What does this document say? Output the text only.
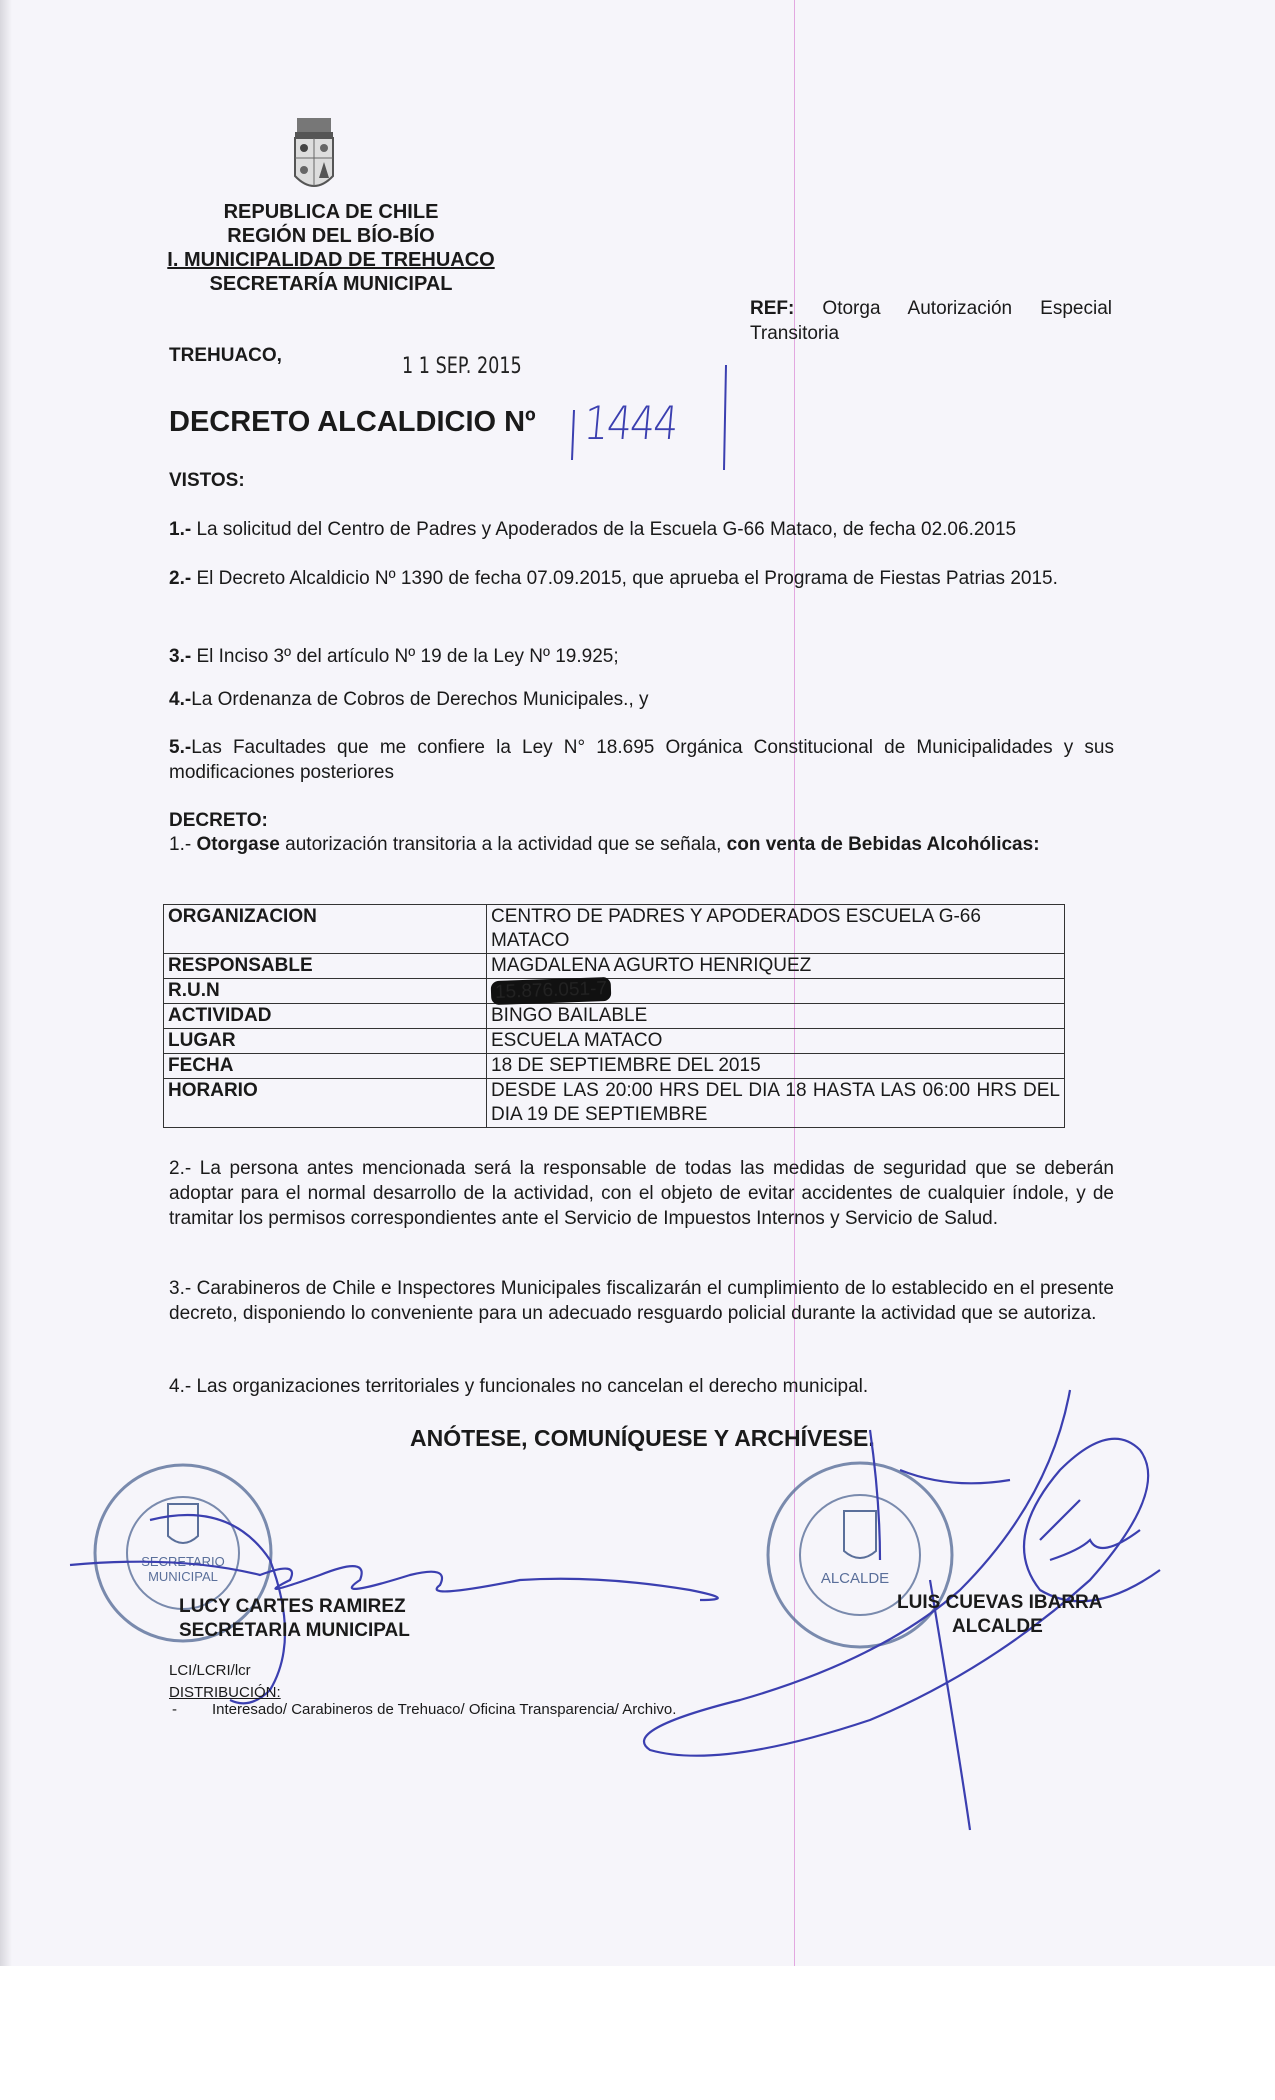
REPUBLICA DE CHILE
REGIÓN DEL BÍO-BÍO
I. MUNICIPALIDAD DE TREHUACO
SECRETARÍA MUNICIPAL
REF: Otorga Autorización Especial Transitoria
TREHUACO,	1 1 SEP. 2015
DECRETO ALCALDICIO Nº 1444
VISTOS:
1.- La solicitud del Centro de Padres y Apoderados de la Escuela G-66 Mataco, de fecha 02.06.2015
2.- El Decreto Alcaldicio Nº 1390 de fecha 07.09.2015, que aprueba el Programa de Fiestas Patrias 2015.
3.- El Inciso 3º del artículo Nº 19 de la Ley Nº 19.925;
4.-La Ordenanza de Cobros de Derechos Municipales., y
5.-Las Facultades que me confiere la Ley N° 18.695 Orgánica Constitucional de Municipalidades y sus modificaciones posteriores
DECRETO:
1.- Otorgase autorización transitoria a la actividad que se señala, con venta de Bebidas Alcohólicas:
ORGANIZACION	CENTRO DE PADRES Y APODERADOS ESCUELA G-66 MATACO
RESPONSABLE	MAGDALENA AGURTO HENRIQUEZ
R.U.N	15.876.051-7
ACTIVIDAD	BINGO BAILABLE
LUGAR	ESCUELA MATACO
FECHA	18 DE SEPTIEMBRE DEL 2015
HORARIO	DESDE LAS 20:00 HRS DEL DIA 18 HASTA LAS 06:00 HRS DEL DIA 19 DE SEPTIEMBRE
2.- La persona antes mencionada será la responsable de todas las medidas de seguridad que se deberán adoptar para el normal desarrollo de la actividad, con el objeto de evitar accidentes de cualquier índole, y de tramitar los permisos correspondientes ante el Servicio de Impuestos Internos y Servicio de Salud.
3.- Carabineros de Chile e Inspectores Municipales fiscalizarán el cumplimiento de lo establecido en el presente decreto, disponiendo lo conveniente para un adecuado resguardo policial durante la actividad que se autoriza.
4.- Las organizaciones territoriales y funcionales no cancelan el derecho municipal.
ANÓTESE, COMUNÍQUESE Y ARCHÍVESE.
SECRETARIO
MUNICIPAL	ALCALDE
LUCY CARTES RAMIREZ
SECRETARIA MUNICIPAL
LUIS CUEVAS IBARRA
ALCALDE
LCI/LCRI/lcr
DISTRIBUCIÓN:
- Interesado/ Carabineros de Trehuaco/ Oficina Transparencia/ Archivo.
